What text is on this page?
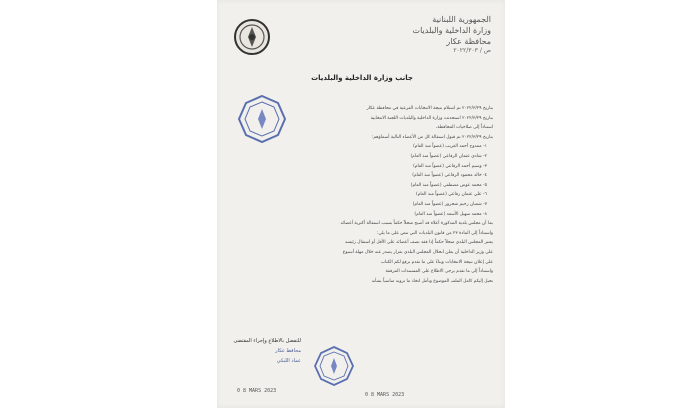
الجمهورية اللبنانية
وزارة الداخلية والبلديات
محافظة عكار
ص / ٢٠٢٢/٣٠٣
جانب وزارة الداخلية والبلديات
بتاريخ ٢٠٢٢/٣/٢٩ تم استلام نتيجة الانتخابات الفرعية في محافظة عكار
بتاريخ ٢٠٢٢/٣/٢٩ استحدثت وزارة الداخلية والبلديات اللجنة الانتخابية
استناداً إلى صلاحيات المحافظة،
بتاريخ ٢٠٢٢/٣/٢٩ تم قبول استقالة كل من الأعضاء التالية أسماؤهم:
١- ممدوح أحمد الغريب (عضواً منذ العام)
٢- شادي عثمان الرفاعي (عضواً منذ العام)
٣- وسيم أحمد الرفاعي (عضواً منذ العام)
٤- خالد محمود الرفاعي (عضواً منذ العام)
٥- محمد عوض مصطفى (عضواً منذ العام)
٦- علي عثمان رفاعي (عضواً منذ العام)
٧- شعبان رحيم شحرور (عضواً منذ العام)
٨- محمد سهيل الأسعد (عضواً منذ العام)
بما أن مجلس بلدية المذكورة أعلاه قد أصبح منحلاً حكماً بسبب استقالة أكثرية أعضائه
واستناداً إلى المادة ٢٣ من قانون البلديات التي تنص على ما يلي:
يعتبر المجلس البلدي منحلاً حكماً إذا فقد نصف أعضائه على الأقل أو استقال رئيسه
على وزير الداخلية أن يعلن انحلال المجلس البلدي بقرار يصدر عنه خلال مهلة أسبوع
على إعلان نتيجة الانتخابات وبناءً على ما تقدم نرفع لكم الكتاب
واستناداً إلى ما تقدم يرجى الاطلاع على المستندات المرفقة
نحيل إليكم كامل الملف الموضوع ونأمل اتخاذ ما ترونه مناسباً بشأنه
للتفضل بالاطلاع وإجراء المقتضى
محافظ عكار
عماد اللبكي
0 8 MARS 2023
0 8 MARS 2023
